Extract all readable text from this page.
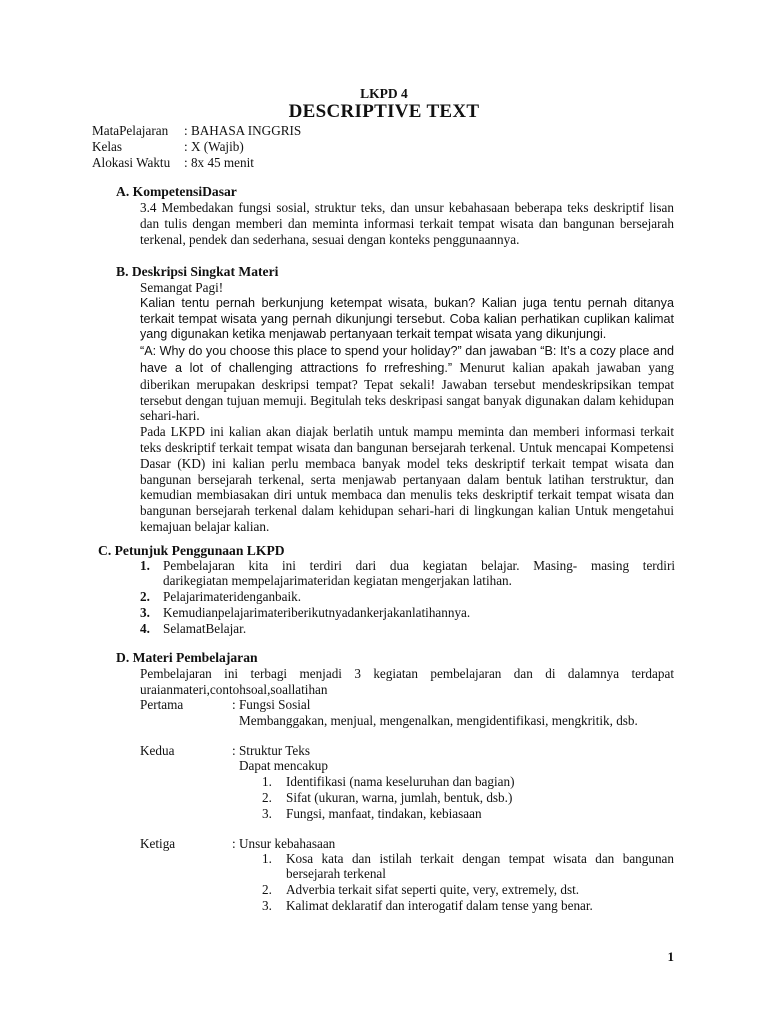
LKPD 4
DESCRIPTIVE TEXT
MataPelajaran : BAHASA INGGRIS
Kelas	: X (Wajib)
Alokasi Waktu : 8x 45 menit
A. KompetensiDasar

3.4 Membedakan fungsi sosial, struktur teks, dan unsur kebahasaan beberapa teks deskriptif lisan dan tulis dengan memberi dan meminta informasi terkait tempat wisata dan bangunan bersejarah terkenal, pendek dan sederhana, sesuai dengan konteks penggunaannya.

B. Deskripsi Singkat Materi

Semangat Pagi!

Kalian tentu pernah berkunjung ketempat wisata, bukan? Kalian juga tentu pernah ditanya terkait tempat wisata yang pernah dikunjungi tersebut. Coba kalian perhatikan cuplikan kalimat yang digunakan ketika menjawab pertanyaan terkait tempat wisata yang dikunjungi.

“A: Why do you choose this place to spend your holiday?” dan jawaban “B: It’s a cozy place and have a lot of challenging attractions fo rrefreshing.” Menurut kalian apakah jawaban yang diberikan merupakan deskripsi tempat? Tepat sekali! Jawaban tersebut mendeskripsikan tempat tersebut dengan tujuan memuji. Begitulah teks deskripasi sangat banyak digunakan dalam kehidupan sehari-hari.

Pada LKPD ini kalian akan diajak berlatih untuk mampu meminta dan memberi informasi terkait teks deskriptif terkait tempat wisata dan bangunan bersejarah terkenal. Untuk mencapai Kompetensi Dasar (KD) ini kalian perlu membaca banyak model teks deskriptif terkait tempat wisata dan bangunan bersejarah terkenal, serta menjawab pertanyaan dalam bentuk latihan terstruktur, dan kemudian membiasakan diri untuk membaca dan menulis teks deskriptif terkait tempat wisata dan bangunan bersejarah terkenal dalam kehidupan sehari-hari di lingkungan kalian Untuk mengetahui kemajuan belajar kalian.

C. Petunjuk Penggunaan LKPD
1. Pembelajaran kita ini terdiri dari dua kegiatan belajar. Masing- masing terdiri
darikegiatan mempelajarimateridan kegiatan mengerjakan latihan.
2. Pelajarimateridenganbaik.
3. Kemudianpelajarimateriberikutnyadankerjakanlatihannya.
4. SelamatBelajar.
D. Materi Pembelajaran
Pembelajaran ini terbagi menjadi 3 kegiatan pembelajaran dan di dalamnya terdapat
uraianmateri,contohsoal,soallatihan
Pertama	: Fungsi Sosial
Membanggakan, menjual, mengenalkan, mengidentifikasi, mengkritik, dsb.
Kedua	: Struktur Teks
Dapat mencakup
1. Identifikasi (nama keseluruhan dan bagian)
2. Sifat (ukuran, warna, jumlah, bentuk, dsb.)
3. Fungsi, manfaat, tindakan, kebiasaan
Ketiga	: Unsur kebahasaan
1. Kosa kata dan istilah terkait dengan tempat wisata dan bangunan
bersejarah terkenal
2. Adverbia terkait sifat seperti quite, very, extremely, dst.
3. Kalimat deklaratif dan interogatif dalam tense yang benar.
1
